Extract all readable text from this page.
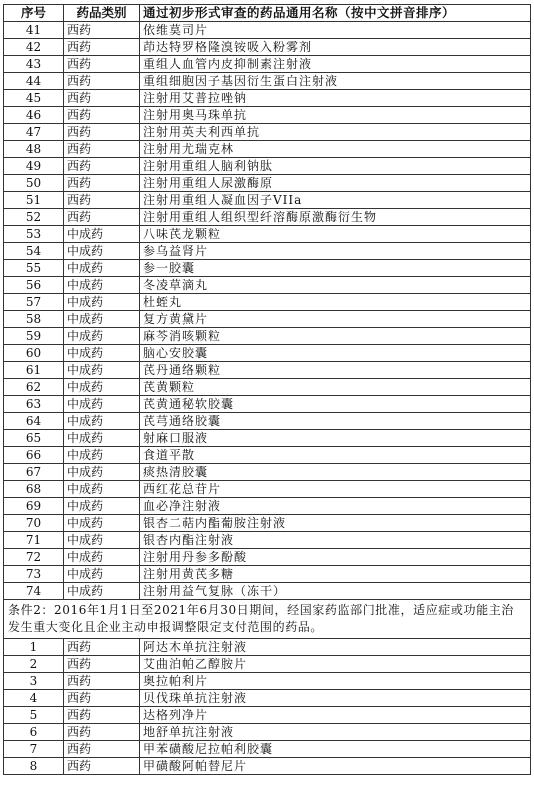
序号	药品类别	通过初步形式审查的药品通用名称（按中文拼音排序）
41	西药	依维莫司片
42	西药	茚达特罗格隆溴铵吸入粉雾剂
43	西药	重组人血管内皮抑制素注射液
44	西药	重组细胞因子基因衍生蛋白注射液
45	西药	注射用艾普拉唑钠
46	西药	注射用奥马珠单抗
47	西药	注射用英夫利西单抗
48	西药	注射用尤瑞克林
49	西药	注射用重组人脑利钠肽
50	西药	注射用重组人尿激酶原
51	西药	注射用重组人凝血因子VIIa
52	西药	注射用重组人组织型纤溶酶原激酶衍生物
53	中成药	八味芪龙颗粒
54	中成药	参乌益肾片
55	中成药	参一胶囊
56	中成药	冬凌草滴丸
57	中成药	杜蛭丸
58	中成药	复方黄黛片
59	中成药	麻芩消咳颗粒
60	中成药	脑心安胶囊
61	中成药	芪丹通络颗粒
62	中成药	芪黄颗粒
63	中成药	芪黄通秘软胶囊
64	中成药	芪芎通络胶囊
65	中成药	射麻口服液
66	中成药	食道平散
67	中成药	痰热清胶囊
68	中成药	西红花总苷片
69	中成药	血必净注射液
70	中成药	银杏二萜内酯葡胺注射液
71	中成药	银杏内酯注射液
72	中成药	注射用丹参多酚酸
73	中成药	注射用黄芪多糖
74	中成药	注射用益气复脉（冻干）
条件2：2016年1月1日至2021年6月30日期间，经国家药监部门批准，适应症或功能主治发生重大变化且企业主动申报调整限定支付范围的药品。		
1	西药	阿达木单抗注射液
2	西药	艾曲泊帕乙醇胺片
3	西药	奥拉帕利片
4	西药	贝伐珠单抗注射液
5	西药	达格列净片
6	西药	地舒单抗注射液
7	西药	甲苯磺酸尼拉帕利胶囊
8	西药	甲磺酸阿帕替尼片
